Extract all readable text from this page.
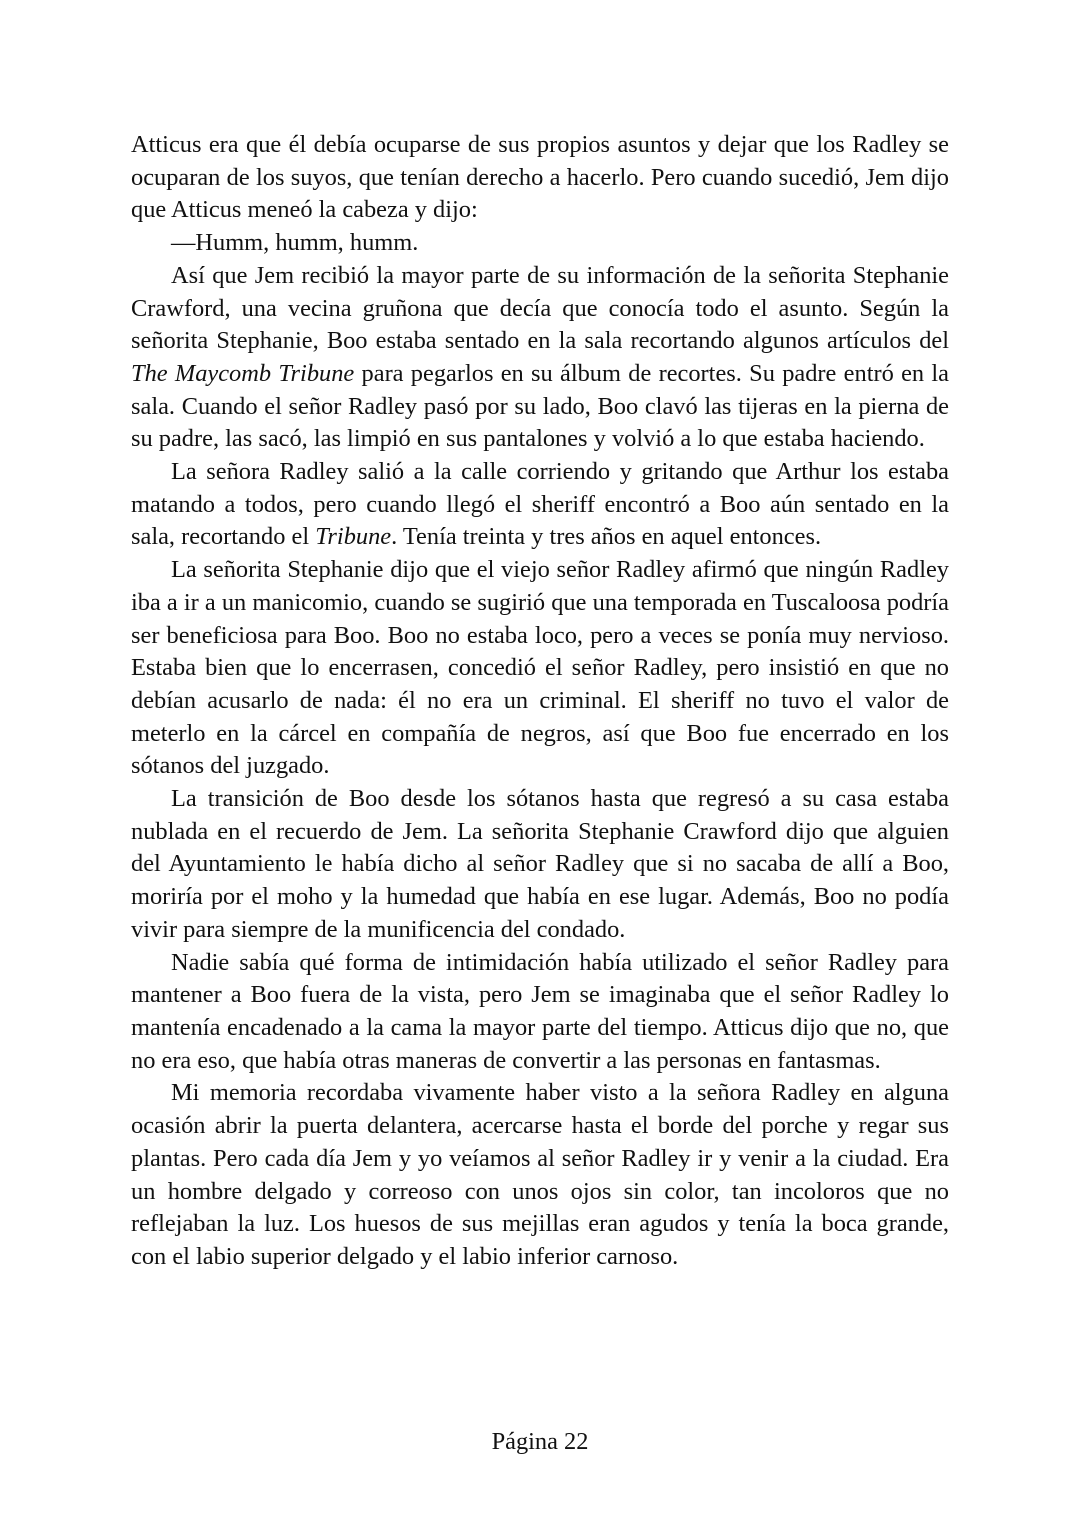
Atticus era que él debía ocuparse de sus propios asuntos y dejar que los Radley se ocuparan de los suyos, que tenían derecho a hacerlo. Pero cuando sucedió, Jem dijo que Atticus meneó la cabeza y dijo:

—Humm, humm, humm.

Así que Jem recibió la mayor parte de su información de la señorita Stephanie Crawford, una vecina gruñona que decía que conocía todo el asunto. Según la señorita Stephanie, Boo estaba sentado en la sala recortando algunos artículos del The Maycomb Tribune para pegarlos en su álbum de recortes. Su padre entró en la sala. Cuando el señor Radley pasó por su lado, Boo clavó las tijeras en la pierna de su padre, las sacó, las limpió en sus pantalones y volvió a lo que estaba haciendo.

La señora Radley salió a la calle corriendo y gritando que Arthur los estaba matando a todos, pero cuando llegó el sheriff encontró a Boo aún sentado en la sala, recortando el Tribune. Tenía treinta y tres años en aquel entonces.

La señorita Stephanie dijo que el viejo señor Radley afirmó que ningún Radley iba a ir a un manicomio, cuando se sugirió que una temporada en Tuscaloosa podría ser beneficiosa para Boo. Boo no estaba loco, pero a veces se ponía muy nervioso. Estaba bien que lo encerrasen, concedió el señor Radley, pero insistió en que no debían acusarlo de nada: él no era un criminal. El sheriff no tuvo el valor de meterlo en la cárcel en compañía de negros, así que Boo fue encerrado en los sótanos del juzgado.

La transición de Boo desde los sótanos hasta que regresó a su casa estaba nublada en el recuerdo de Jem. La señorita Stephanie Crawford dijo que alguien del Ayuntamiento le había dicho al señor Radley que si no sacaba de allí a Boo, moriría por el moho y la humedad que había en ese lugar. Además, Boo no podía vivir para siempre de la munificencia del condado.

Nadie sabía qué forma de intimidación había utilizado el señor Radley para mantener a Boo fuera de la vista, pero Jem se imaginaba que el señor Radley lo mantenía encadenado a la cama la mayor parte del tiempo. Atticus dijo que no, que no era eso, que había otras maneras de convertir a las personas en fantasmas.

Mi memoria recordaba vivamente haber visto a la señora Radley en alguna ocasión abrir la puerta delantera, acercarse hasta el borde del porche y regar sus plantas. Pero cada día Jem y yo veíamos al señor Radley ir y venir a la ciudad. Era un hombre delgado y correoso con unos ojos sin color, tan incoloros que no reflejaban la luz. Los huesos de sus mejillas eran agudos y tenía la boca grande, con el labio superior delgado y el labio inferior carnoso.

Página 22
